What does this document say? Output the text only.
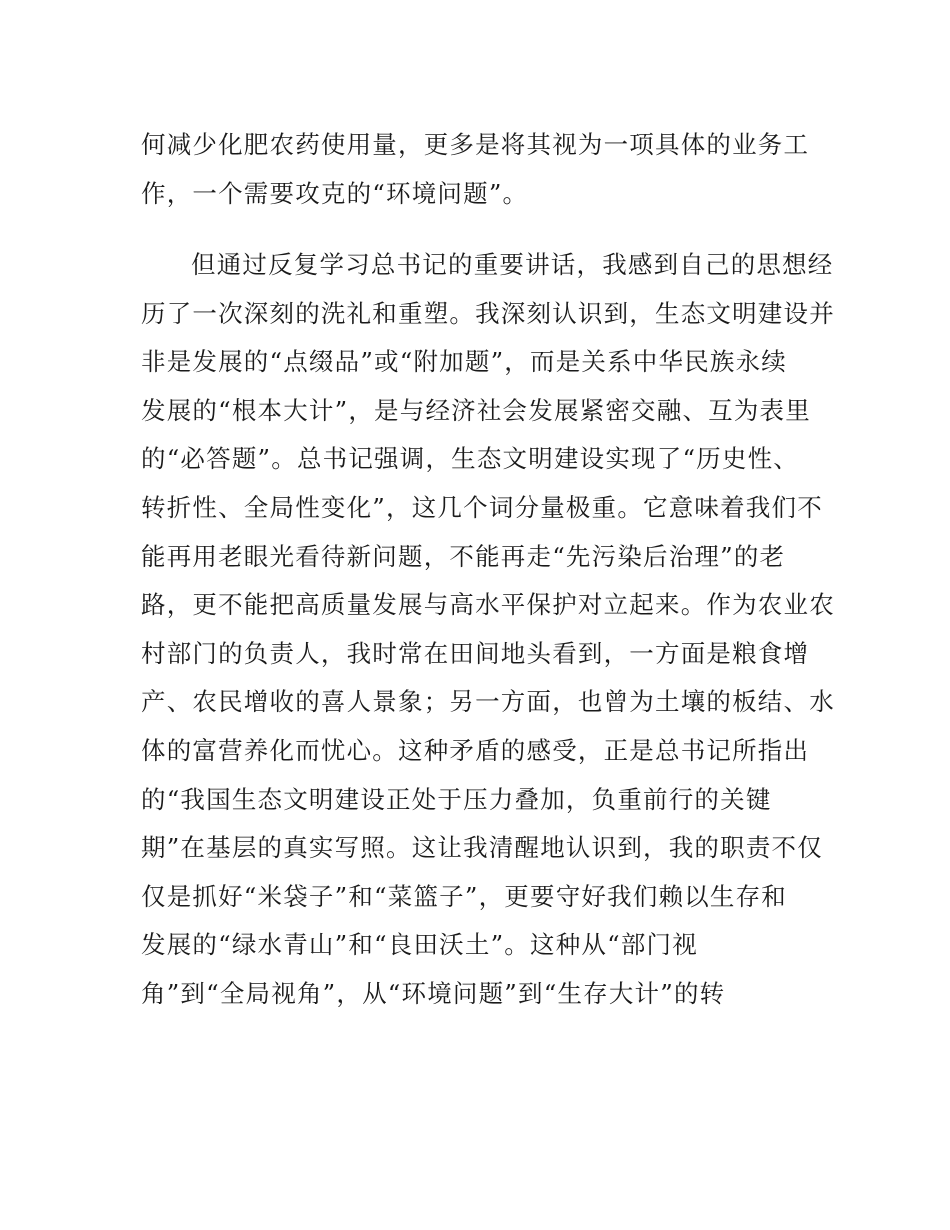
何减少化肥农药使用量，更多是将其视为一项具体的业务工
作，一个需要攻克的“环境问题”。

但通过反复学习总书记的重要讲话，我感到自己的思想经
历了一次深刻的洗礼和重塑。我深刻认识到，生态文明建设并
非是发展的“点缀品”或“附加题”，而是关系中华民族永续
发展的“根本大计”，是与经济社会发展紧密交融、互为表里
的“必答题”。总书记强调，生态文明建设实现了“历史性、
转折性、全局性变化”，这几个词分量极重。它意味着我们不
能再用老眼光看待新问题，不能再走“先污染后治理”的老
路，更不能把高质量发展与高水平保护对立起来。作为农业农
村部门的负责人，我时常在田间地头看到，一方面是粮食增
产、农民增收的喜人景象；另一方面，也曾为土壤的板结、水
体的富营养化而忧心。这种矛盾的感受，正是总书记所指出
的“我国生态文明建设正处于压力叠加，负重前行的关键
期”在基层的真实写照。这让我清醒地认识到，我的职责不仅
仅是抓好“米袋子”和“菜篮子”，更要守好我们赖以生存和
发展的“绿水青山”和“良田沃土”。这种从“部门视
角”到“全局视角”，从“环境问题”到“生存大计”的转
